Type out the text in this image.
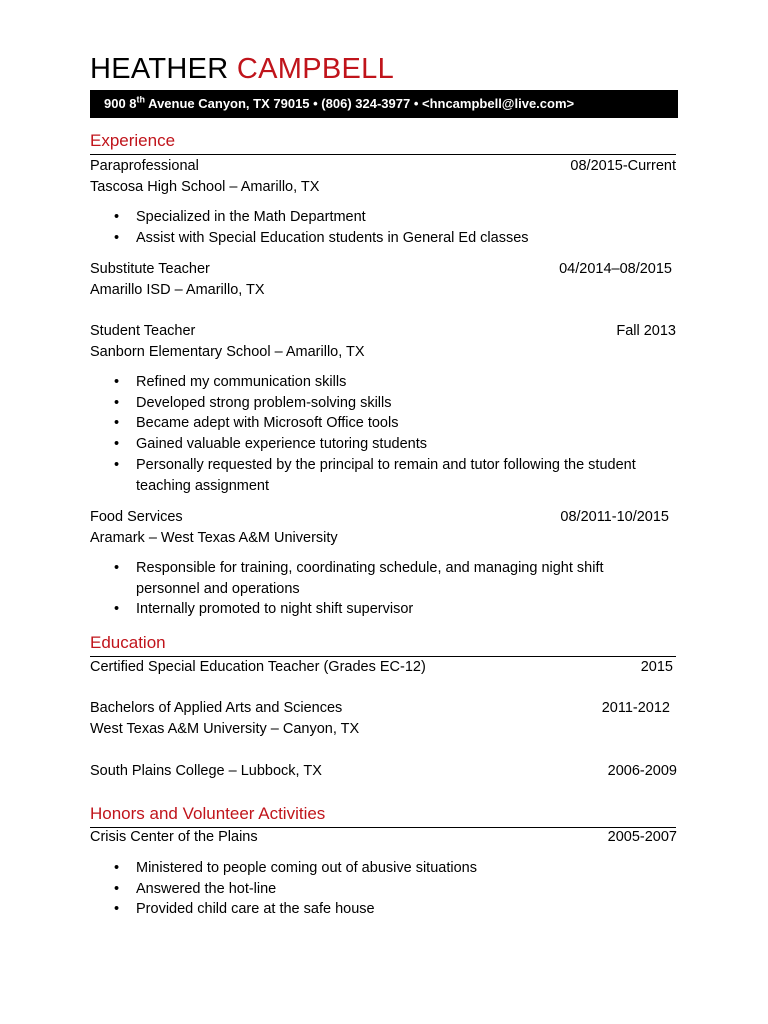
HEATHER CAMPBELL
900 8th Avenue Canyon, TX 79015 • (806) 324-3977 • <hncampbell@live.com>
Experience
Paraprofessional	08/2015-Current
Tascosa High School – Amarillo, TX
• Specialized in the Math Department
• Assist with Special Education students in General Ed classes
Substitute Teacher	04/2014–08/2015
Amarillo ISD – Amarillo, TX
Student Teacher	Fall 2013
Sanborn Elementary School – Amarillo, TX
• Refined my communication skills
• Developed strong problem-solving skills
• Became adept with Microsoft Office tools
• Gained valuable experience tutoring students
• Personally requested by the principal to remain and tutor following the student teaching assignment
Food Services	08/2011-10/2015
Aramark – West Texas A&M University
• Responsible for training, coordinating schedule, and managing night shift personnel and operations
• Internally promoted to night shift supervisor
Education
Certified Special Education Teacher (Grades EC-12)	2015
Bachelors of Applied Arts and Sciences	2011-2012
West Texas A&M University – Canyon, TX
South Plains College – Lubbock, TX	2006-2009
Honors and Volunteer Activities
Crisis Center of the Plains	2005-2007
• Ministered to people coming out of abusive situations
• Answered the hot-line
• Provided child care at the safe house
